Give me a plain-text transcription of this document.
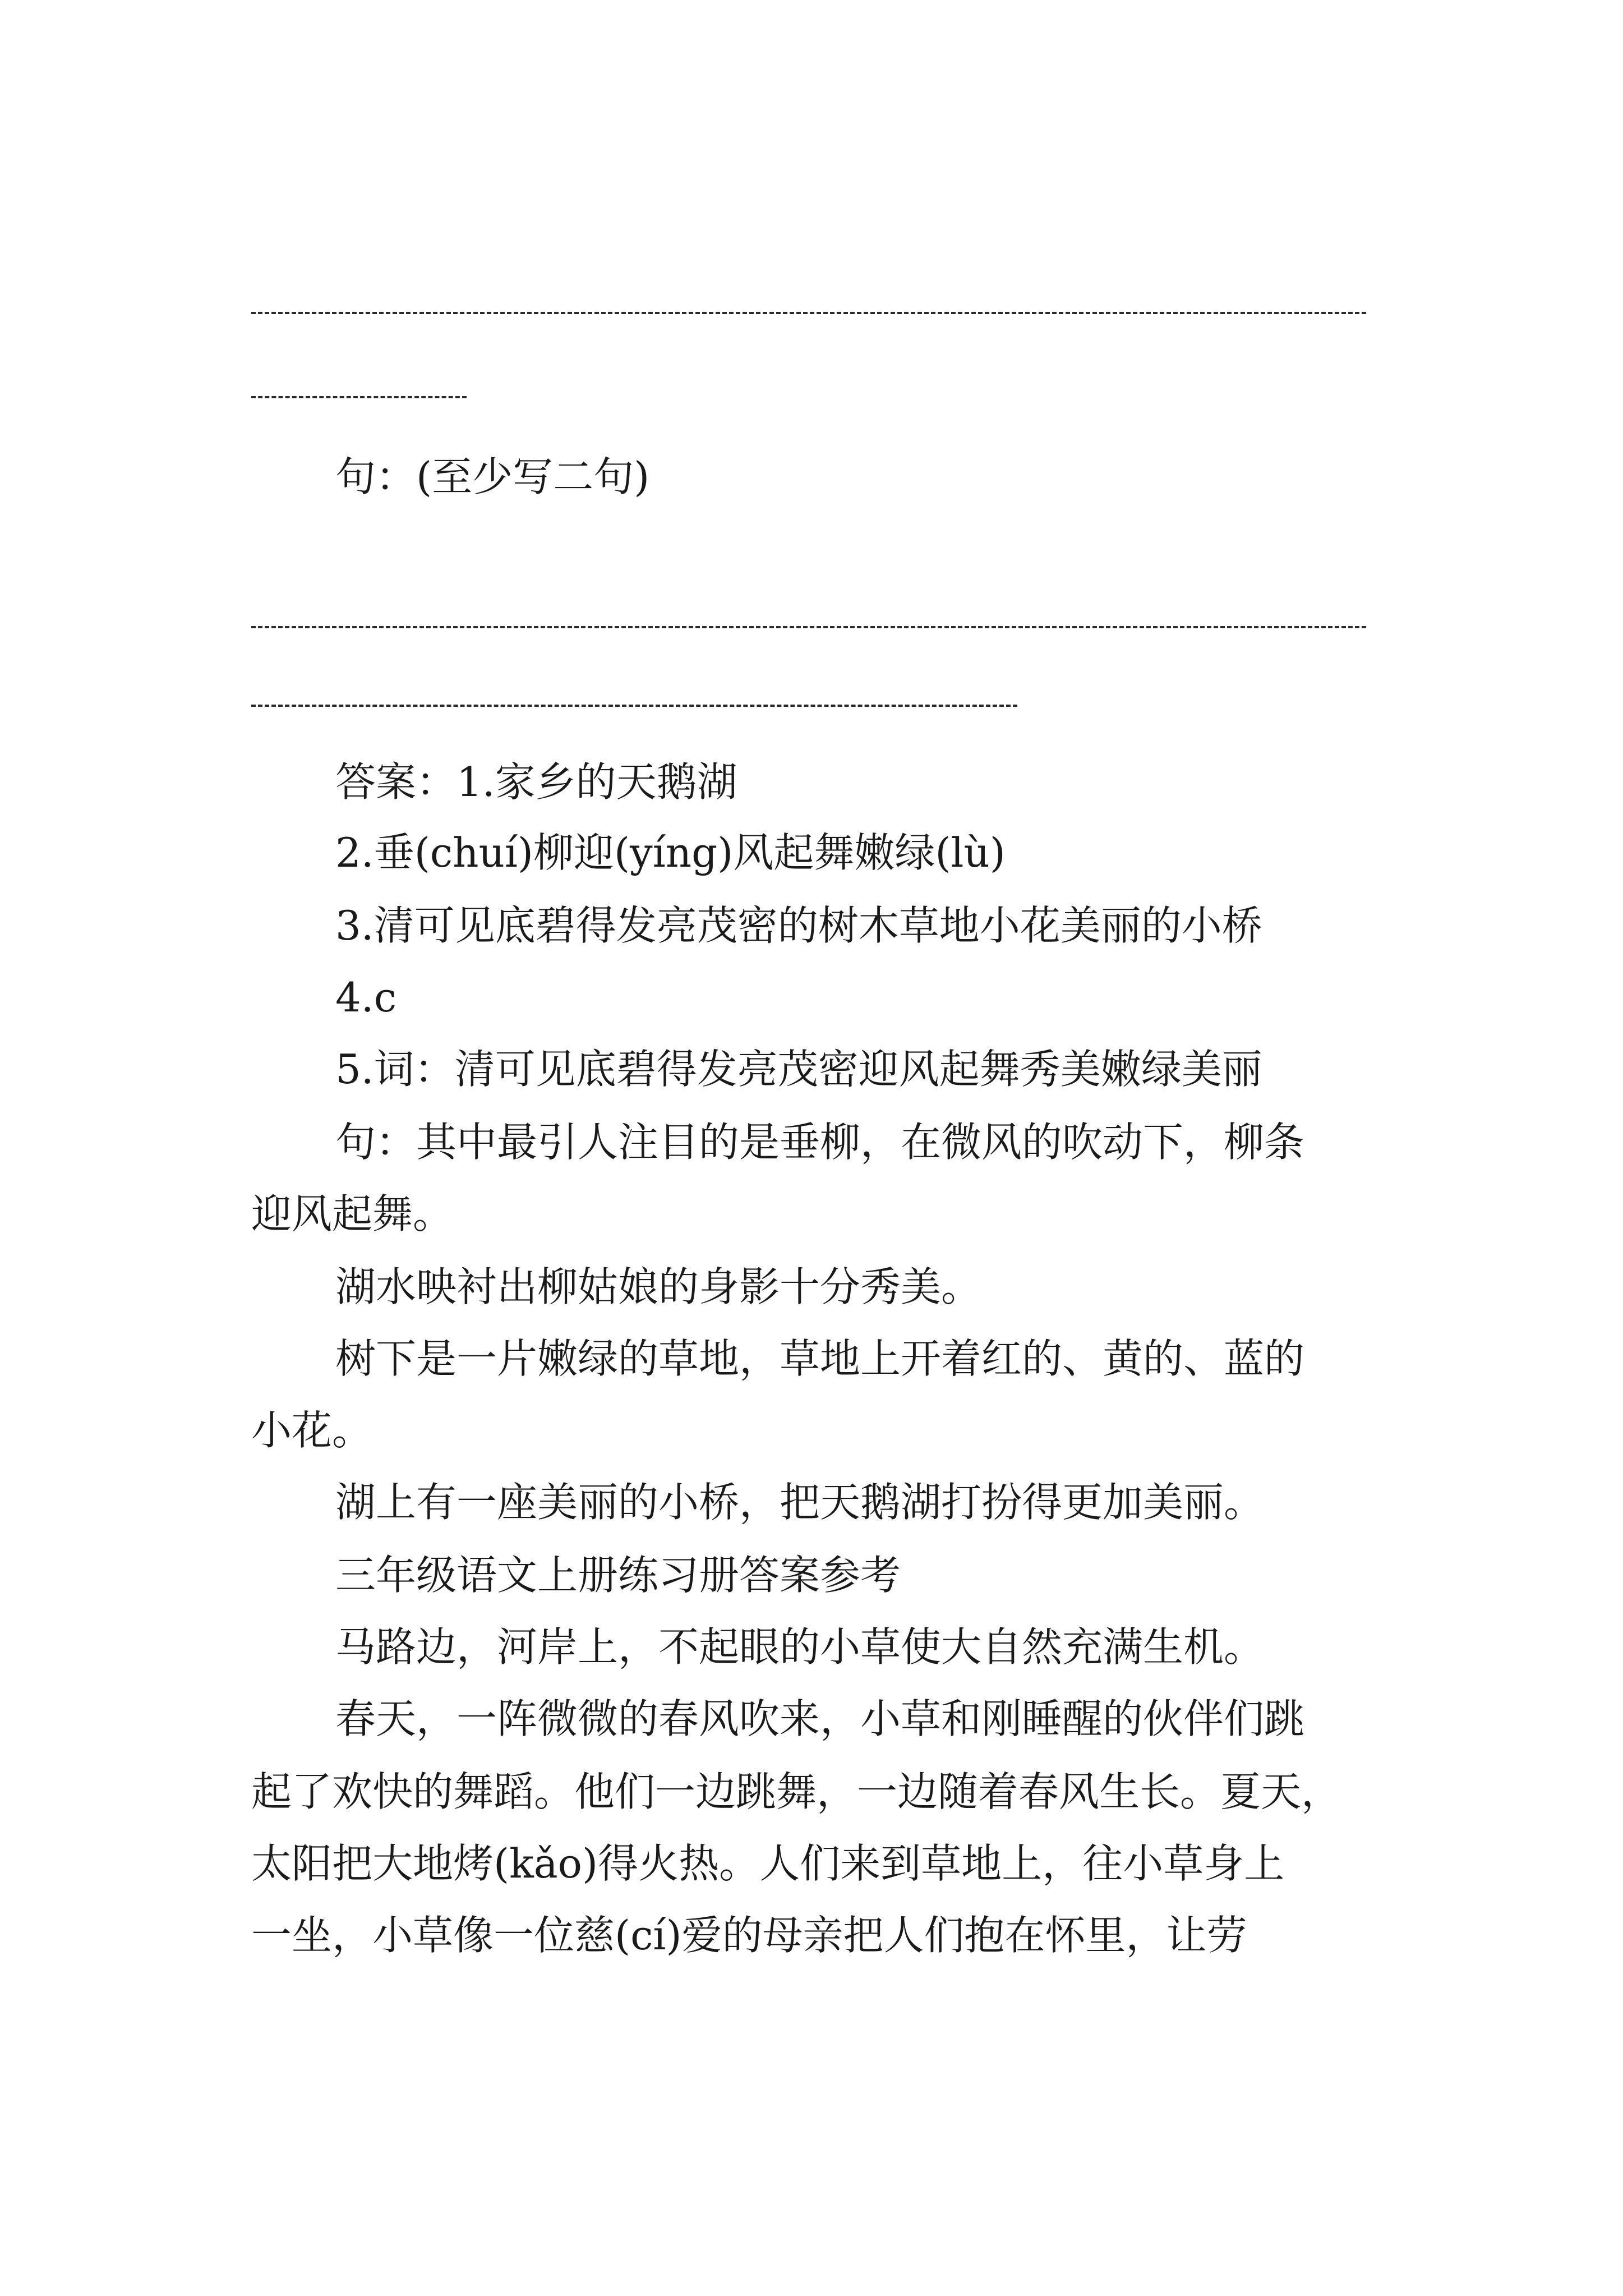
句：(至少写二句)

答案：1.家乡的天鹅湖

2.垂(chuí)柳迎(yíng)风起舞嫩绿(lù)

3.清可见底碧得发亮茂密的树木草地小花美丽的小桥

4.c

5.词：清可见底碧得发亮茂密迎风起舞秀美嫩绿美丽

句：其中最引人注目的是垂柳，在微风的吹动下，柳条

迎风起舞。

湖水映衬出柳姑娘的身影十分秀美。

树下是一片嫩绿的草地，草地上开着红的、黄的、蓝的

小花。

湖上有一座美丽的小桥，把天鹅湖打扮得更加美丽。

三年级语文上册练习册答案参考

马路边，河岸上，不起眼的小草使大自然充满生机。

春天，一阵微微的春风吹来，小草和刚睡醒的伙伴们跳

起了欢快的舞蹈。他们一边跳舞，一边随着春风生长。夏天，

太阳把大地烤(kǎo)得火热。人们来到草地上，往小草身上

一坐，小草像一位慈(cí)爱的母亲把人们抱在怀里，让劳
